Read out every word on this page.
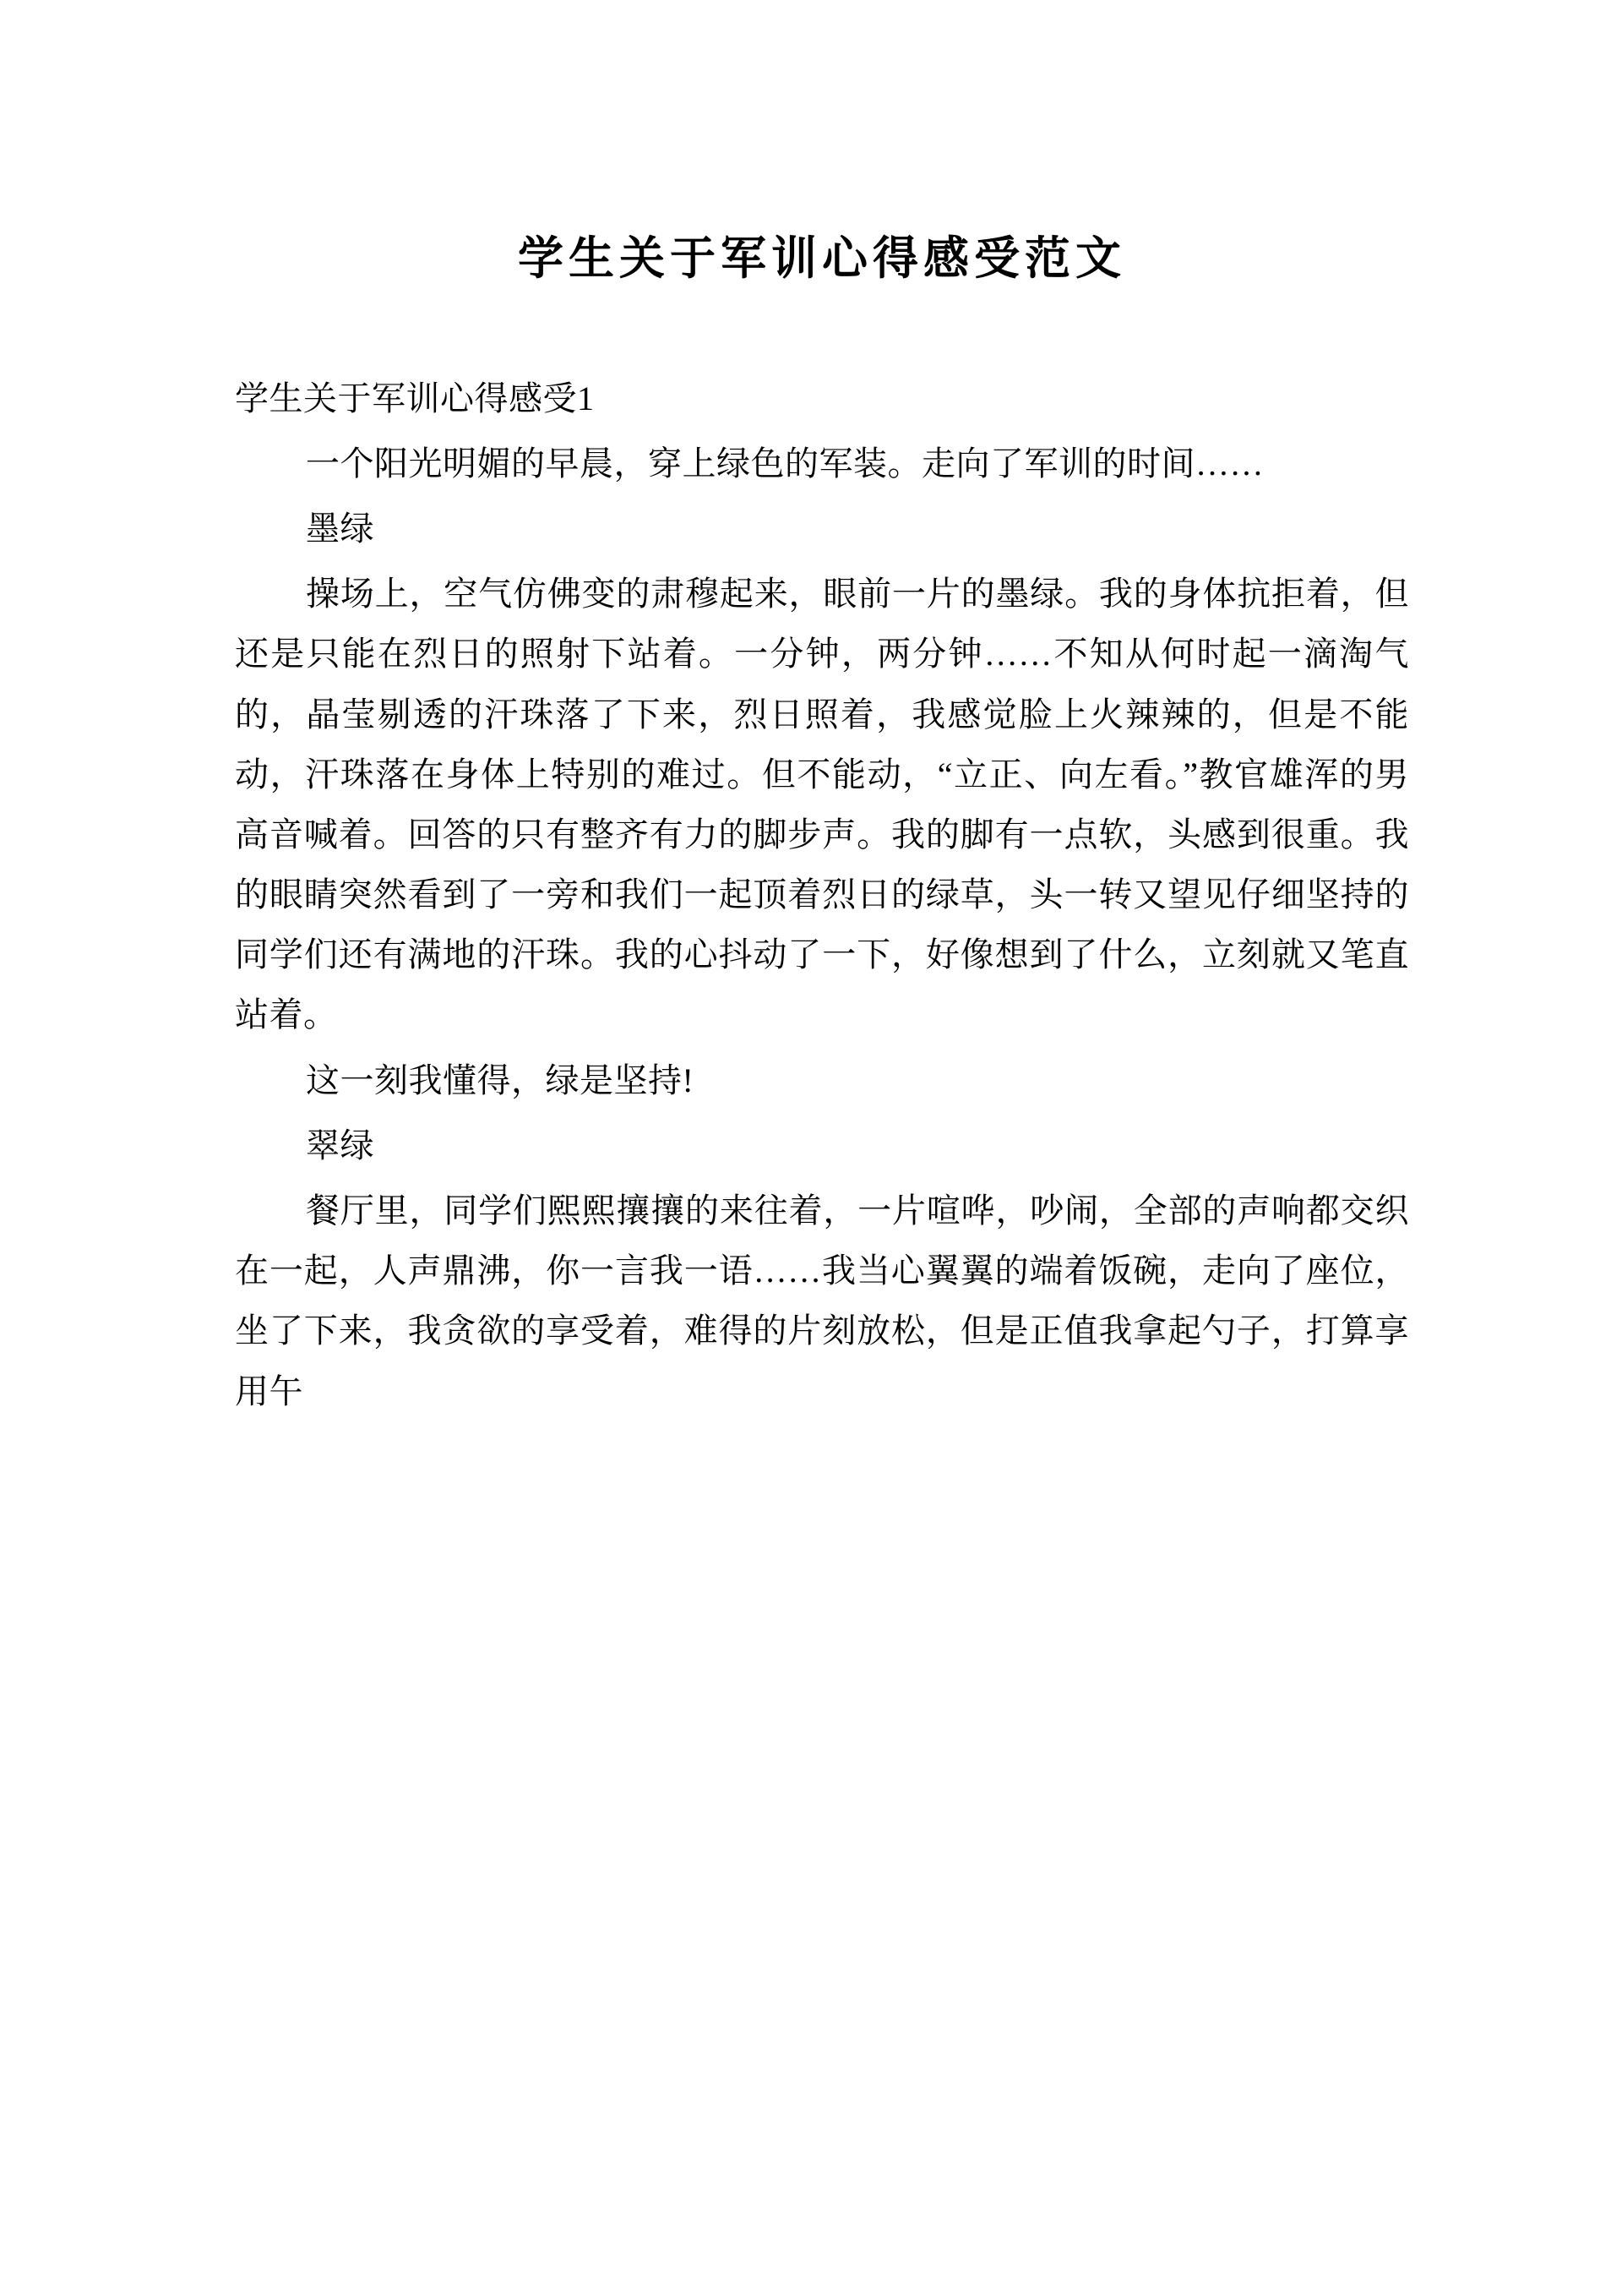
学生关于军训心得感受范文

学生关于军训心得感受1

一个阳光明媚的早晨，穿上绿色的军装。走向了军训的时间……

墨绿

操场上，空气仿佛变的肃穆起来，眼前一片的墨绿。我的身体抗拒着，但还是只能在烈日的照射下站着。一分钟，两分钟……不知从何时起一滴淘气的，晶莹剔透的汗珠落了下来，烈日照着，我感觉脸上火辣辣的，但是不能动，汗珠落在身体上特别的难过。但不能动，“立正、向左看。”教官雄浑的男高音喊着。回答的只有整齐有力的脚步声。我的脚有一点软，头感到很重。我的眼睛突然看到了一旁和我们一起顶着烈日的绿草，头一转又望见仔细坚持的同学们还有满地的汗珠。我的心抖动了一下，好像想到了什么，立刻就又笔直站着。

这一刻我懂得，绿是坚持!

翠绿

餐厅里，同学们熙熙攘攘的来往着，一片喧哗，吵闹，全部的声响都交织在一起，人声鼎沸，你一言我一语……我当心翼翼的端着饭碗，走向了座位，坐了下来，我贪欲的享受着，难得的片刻放松，但是正值我拿起勺子，打算享用午
